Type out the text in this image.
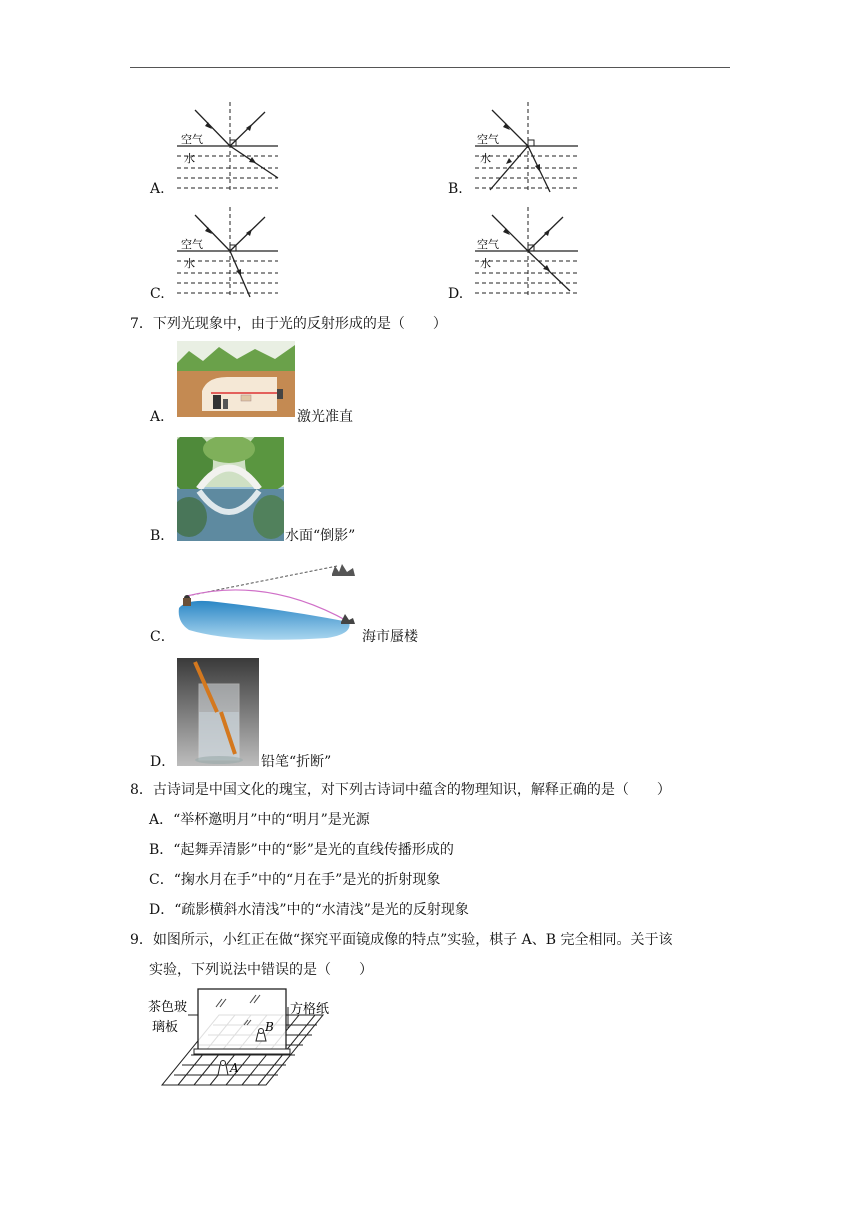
A.
空气
水
B.
空气
水
C.
空气
水
D.
空气
水
7．下列光现象中，由于光的反射形成的是（　　）
A．	激光准直
B．	水面“倒影”
C．	海市蜃楼
D．	铅笔“折断”
8．古诗词是中国文化的瑰宝，对下列古诗词中蕴含的物理知识，解释正确的是（　　）
A．“举杯邀明月”中的“明月”是光源
B．“起舞弄清影”中的“影”是光的直线传播形成的
C．“掬水月在手”中的“月在手”是光的折射现象
D．“疏影横斜水清浅”中的“水清浅”是光的反射现象
9．如图所示，小红正在做“探究平面镜成像的特点”实验，棋子 A、B 完全相同。关于该
实验，下列说法中错误的是（　　）
B
A
茶色玻
璃板
方格纸
